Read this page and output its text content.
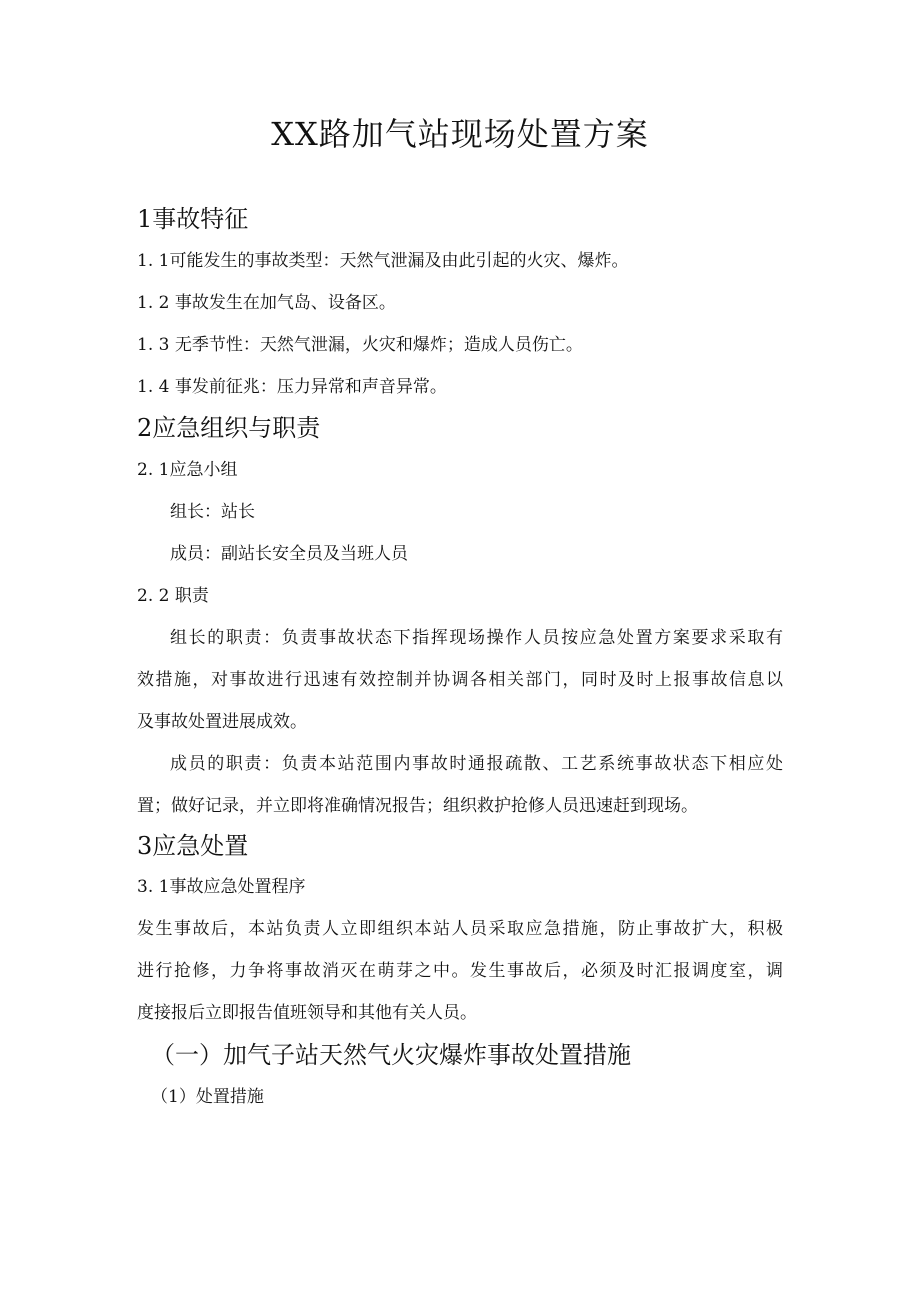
XX路加气站现场处置方案
1事故特征
1. 1可能发生的事故类型：天然气泄漏及由此引起的火灾、爆炸。
1. 2 事故发生在加气岛、设备区。
1. 3 无季节性：天然气泄漏，火灾和爆炸；造成人员伤亡。
1. 4 事发前征兆：压力异常和声音异常。
2应急组织与职责
2. 1应急小组
组长：站长
成员：副站长安全员及当班人员
2. 2 职责
组长的职责：负责事故状态下指挥现场操作人员按应急处置方案要求采取有
效措施，对事故进行迅速有效控制并协调各相关部门，同时及时上报事故信息以
及事故处置进展成效。
成员的职责：负责本站范围内事故时通报疏散、工艺系统事故状态下相应处
置；做好记录，并立即将准确情况报告；组织救护抢修人员迅速赶到现场。
3应急处置
3. 1事故应急处置程序
发生事故后，本站负责人立即组织本站人员采取应急措施，防止事故扩大，积极
进行抢修，力争将事故消灭在萌芽之中。发生事故后，必须及时汇报调度室，调
度接报后立即报告值班领导和其他有关人员。
（一）加气子站天然气火灾爆炸事故处置措施
（1）处置措施
